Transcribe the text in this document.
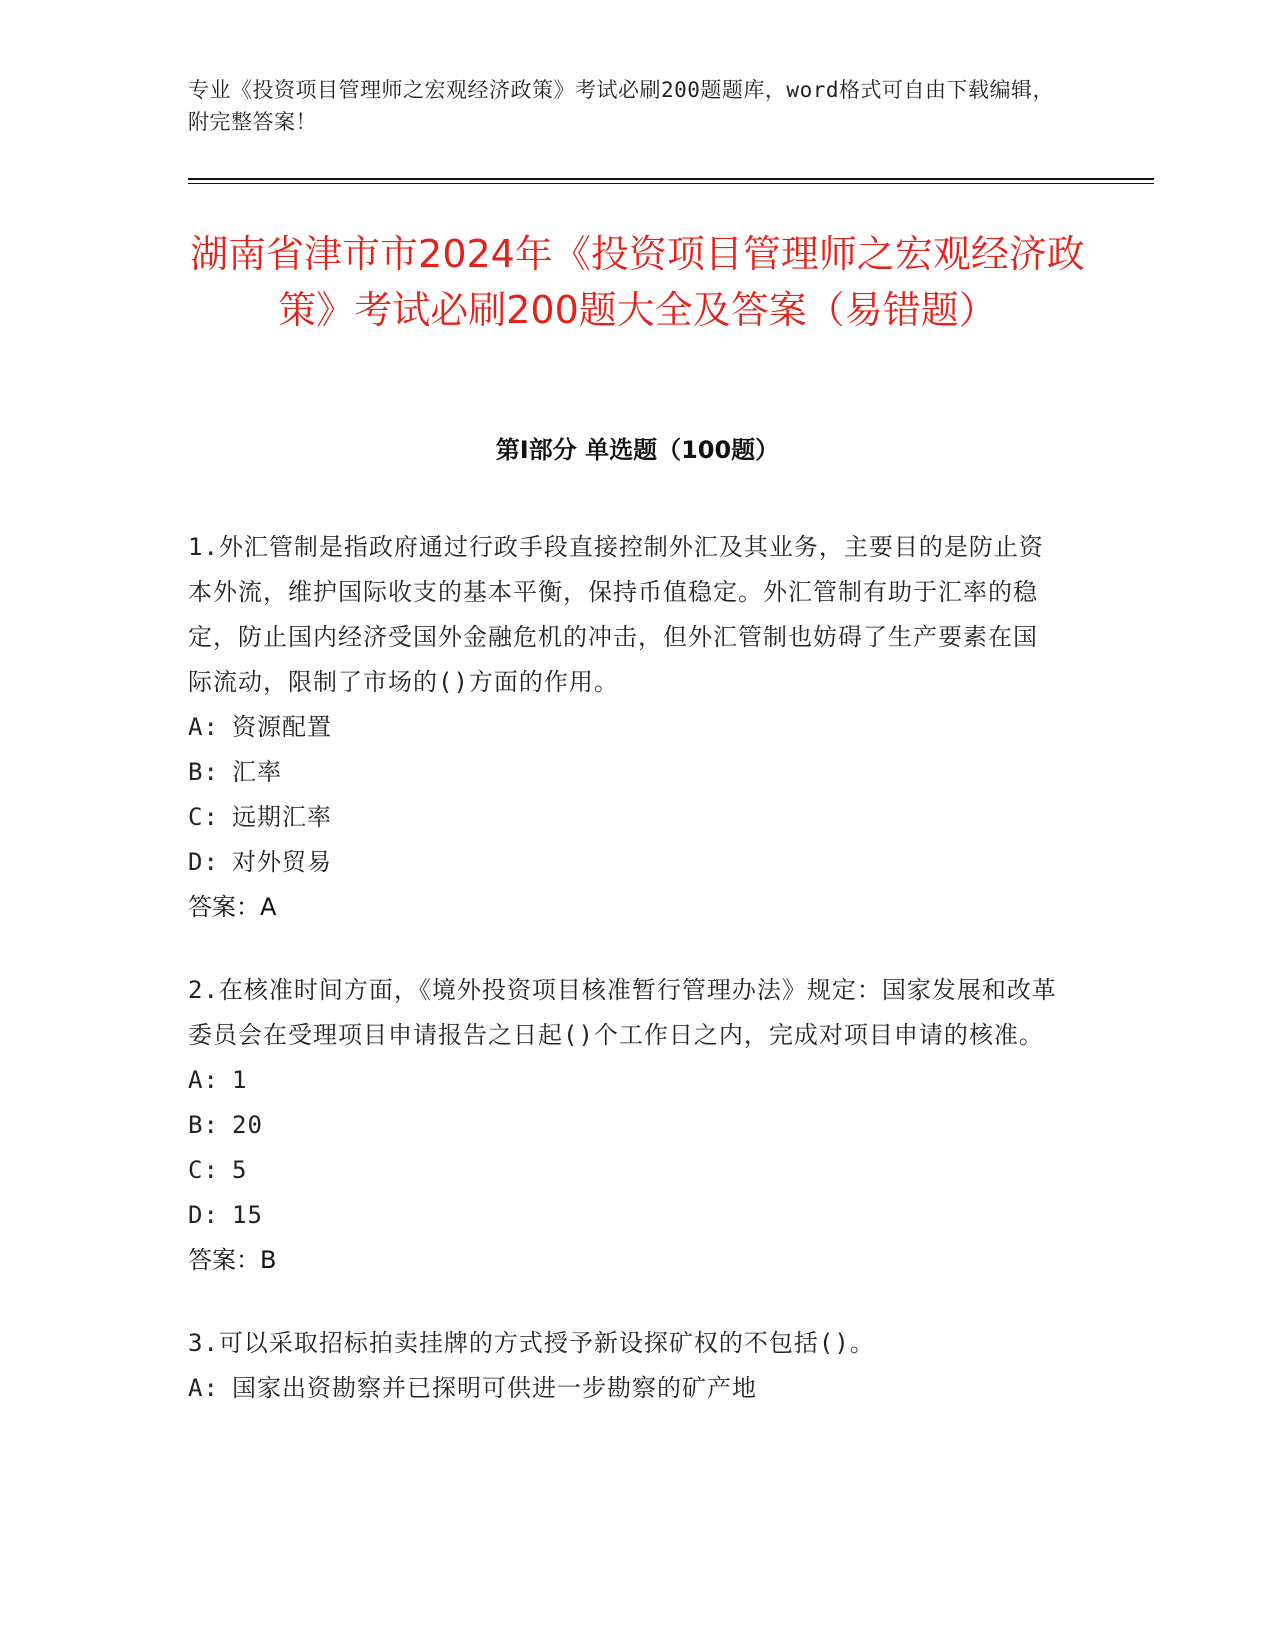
专业《投资项目管理师之宏观经济政策》考试必刷200题题库，word格式可自由下载编辑，附完整答案！
湖南省津市市2024年《投资项目管理师之宏观经济政策》考试必刷200题大全及答案（易错题）
第Ⅰ部分 单选题（100题）

1.外汇管制是指政府通过行政手段直接控制外汇及其业务，主要目的是防止资本外流，维护国际收支的基本平衡，保持币值稳定。外汇管制有助于汇率的稳定，防止国内经济受国外金融危机的冲击，但外汇管制也妨碍了生产要素在国际流动，限制了市场的()方面的作用。

A: 资源配置

B: 汇率

C: 远期汇率

D: 对外贸易

答案：A

2.在核准时间方面，《境外投资项目核准暂行管理办法》规定：国家发展和改革委员会在受理项目申请报告之日起()个工作日之内，完成对项目申请的核准。

A: 1

B: 20

C: 5

D: 15

答案：B

3.可以采取招标拍卖挂牌的方式授予新设探矿权的不包括()。

A: 国家出资勘察并已探明可供进一步勘察的矿产地
